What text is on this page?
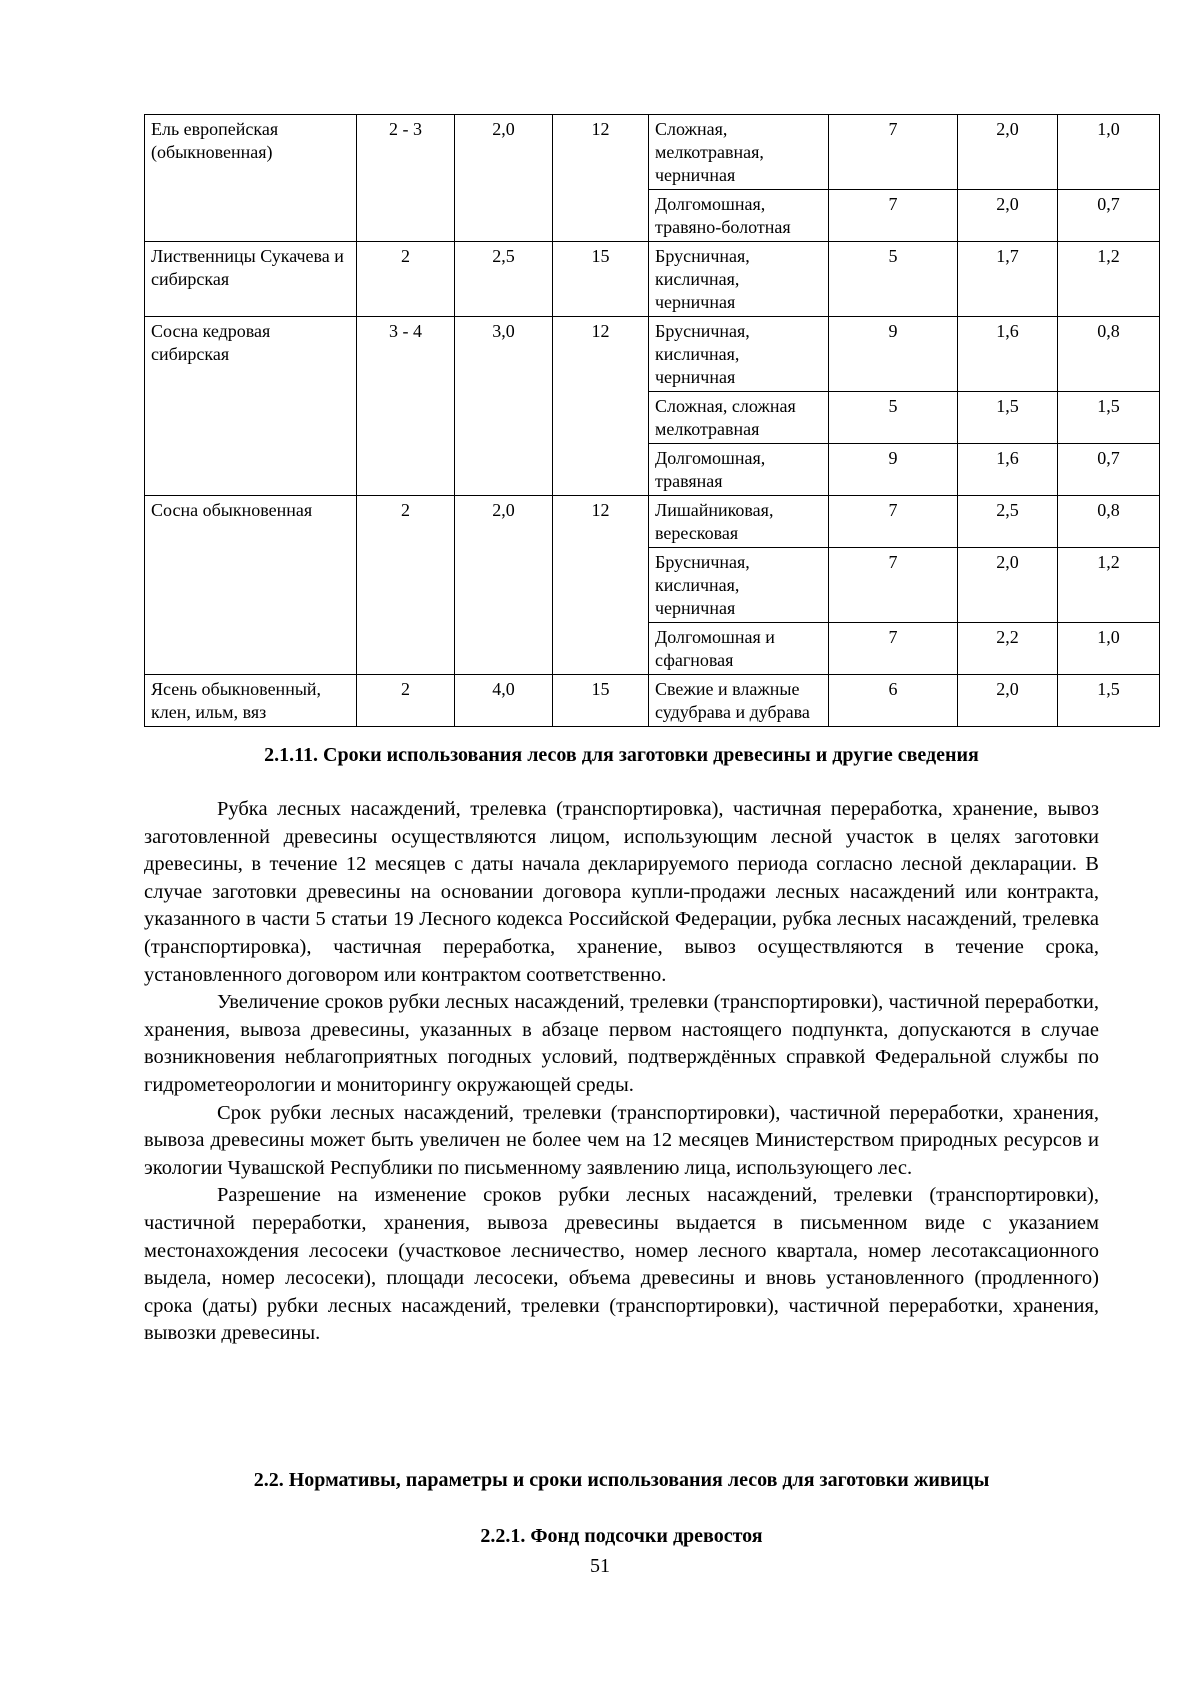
Ель европейская (обыкновенная)	2 - 3	2,0	12	Сложная, мелкотравная, черничная	7	2,0	1,0
				Долгомошная, травяно-болотная	7	2,0	0,7
Лиственницы Сукачева и сибирская	2	2,5	15	Брусничная, кисличная, черничная	5	1,7	1,2
Сосна кедровая сибирская	3 - 4	3,0	12	Брусничная, кисличная, черничная	9	1,6	0,8
				Сложная, сложная мелкотравная	5	1,5	1,5
				Долгомошная, травяная	9	1,6	0,7
Сосна обыкновенная	2	2,0	12	Лишайниковая, вересковая	7	2,5	0,8
				Брусничная, кисличная, черничная	7	2,0	1,2
				Долгомошная и сфагновая	7	2,2	1,0
Ясень обыкновенный, клен, ильм, вяз	2	4,0	15	Свежие и влажные судубрава и дубрава	6	2,0	1,5
2.1.11. Сроки использования лесов для заготовки древесины и другие сведения

Рубка лесных насаждений, трелевка (транспортировка), частичная переработка, хранение, вывоз заготовленной древесины осуществляются лицом, использующим лесной участок в целях заготовки древесины, в течение 12 месяцев с даты начала декларируемого периода согласно лесной декларации. В случае заготовки древесины на основании договора купли-продажи лесных насаждений или контракта, указанного в части 5 статьи 19 Лесного кодекса Российской Федерации, рубка лесных насаждений, трелевка (транспортировка), частичная переработка, хранение, вывоз осуществляются в течение срока, установленного договором или контрактом соответственно.

Увеличение сроков рубки лесных насаждений, трелевки (транспортировки), частичной переработки, хранения, вывоза древесины, указанных в абзаце первом настоящего подпункта, допускаются в случае возникновения неблагоприятных погодных условий, подтверждённых справкой Федеральной службы по гидрометеорологии и мониторингу окружающей среды.

Срок рубки лесных насаждений, трелевки (транспортировки), частичной переработки, хранения, вывоза древесины может быть увеличен не более чем на 12 месяцев Министерством природных ресурсов и экологии Чувашской Республики по письменному заявлению лица, использующего лес.

Разрешение на изменение сроков рубки лесных насаждений, трелевки (транспортировки), частичной переработки, хранения, вывоза древесины выдается в письменном виде с указанием местонахождения лесосеки (участковое лесничество, номер лесного квартала, номер лесотаксационного выдела, номер лесосеки), площади лесосеки, объема древесины и вновь установленного (продленного) срока (даты) рубки лесных насаждений, трелевки (транспортировки), частичной переработки, хранения, вывозки древесины.

2.2. Нормативы, параметры и сроки использования лесов для заготовки живицы
2.2.1. Фонд подсочки древостоя
51
